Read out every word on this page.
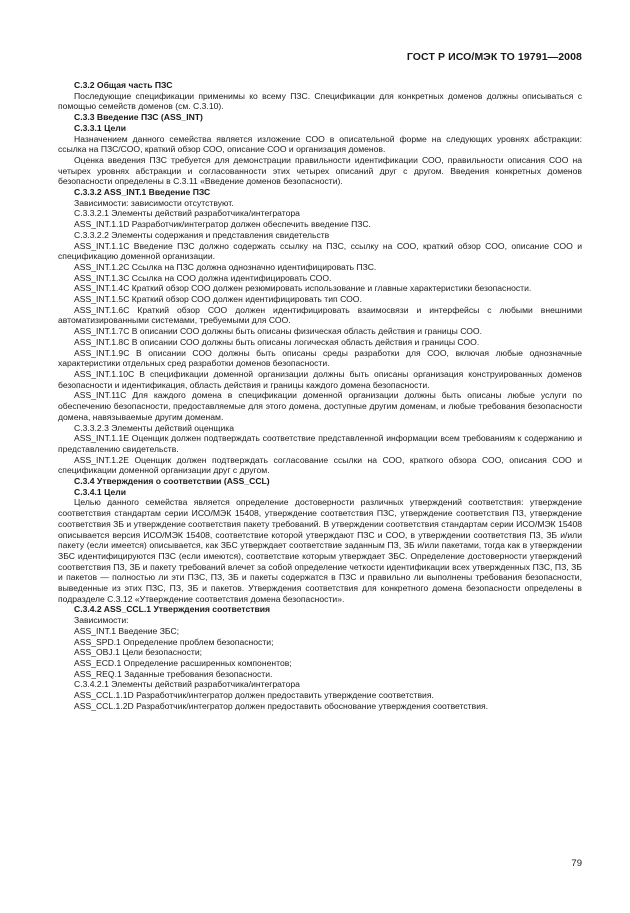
ГОСТ Р ИСО/МЭК ТО 19791—2008

C.3.2 Общая часть ПЗС

Последующие спецификации применимы ко всему ПЗС. Спецификации для конкретных доменов должны описываться с помощью семейств доменов (см. С.3.10).

C.3.3 Введение ПЗС (ASS_INT)

C.3.3.1 Цели

Назначением данного семейства является изложение СОО в описательной форме на следующих уровнях абстракции: ссылка на ПЗС/СОО, краткий обзор СОО, описание СОО и организация доменов.

Оценка введения ПЗС требуется для демонстрации правильности идентификации СОО, правильности описания СОО на четырех уровнях абстракции и согласованности этих четырех описаний друг с другом. Введения конкретных доменов безопасности определены в С.3.11 «Введение доменов безопасности).

C.3.3.2 ASS_INT.1 Введение ПЗС

Зависимости: зависимости отсутствуют.

С.3.3.2.1 Элементы действий разработчика/интегратора

ASS_INT.1.1D Разработчик/интегратор должен обеспечить введение ПЗС.

С.3.3.2.2 Элементы содержания и представления свидетельств

ASS_INT.1.1С Введение ПЗС должно содержать ссылку на ПЗС, ссылку на СОО, краткий обзор СОО, описание СОО и спецификацию доменной организации.

ASS_INT.1.2С Ссылка на ПЗС должна однозначно идентифицировать ПЗС.

ASS_INT.1.3С Ссылка на СОО должна идентифицировать СОО.

ASS_INT.1.4С Краткий обзор СОО должен резюмировать использование и главные характеристики безопасности.

ASS_INT.1.5С Краткий обзор СОО должен идентифицировать тип СОО.

ASS_INT.1.6С Краткий обзор СОО должен идентифицировать взаимосвязи и интерфейсы с любыми внешними автоматизированными системами, требуемыми для СОО.

ASS_INT.1.7С В описании СОО должны быть описаны физическая область действия и границы СОО.

ASS_INT.1.8С В описании СОО должны быть описаны логическая область действия и границы СОО.

ASS_INT.1.9С В описании СОО должны быть описаны среды разработки для СОО, включая любые однозначные характеристики отдельных сред разработки доменов безопасности.

ASS_INT.1.10С В спецификации доменной организации должны быть описаны организация конструированных доменов безопасности и идентификация, область действия и границы каждого домена безопасности.

ASS_INT.11С Для каждого домена в спецификации доменной организации должны быть описаны любые услуги по обеспечению безопасности, предоставляемые для этого домена, доступные другим доменам, и любые требования безопасности домена, навязываемые другим доменам.

С.3.3.2.3 Элементы действий оценщика

ASS_INT.1.1Е Оценщик должен подтверждать соответствие представленной информации всем требованиям к содержанию и представлению свидетельств.

ASS_INT.1.2Е Оценщик должен подтверждать согласование ссылки на СОО, краткого обзора СОО, описания СОО и спецификации доменной организации друг с другом.

C.3.4 Утверждения о соответствии (ASS_CCL)

C.3.4.1 Цели

Целью данного семейства является определение достоверности различных утверждений соответствия: утверждение соответствия стандартам серии ИСО/МЭК 15408, утверждение соответствия ПЗС, утверждение соответствия ПЗ, утверждение соответствия ЗБ и утверждение соответствия пакету требований. В утверждении соответствия стандартам серии ИСО/МЭК 15408 описывается версия ИСО/МЭК 15408, соответствие которой утверждают ПЗС и СОО, в утверждении соответствия ПЗ, ЗБ и/или пакету (если имеется) описывается, как ЗБС утверждает соответствие заданным ПЗ, ЗБ и/или пакетами, тогда как в утверждении ЗБС идентифицируются ПЗС (если имеются), соответствие которым утверждает ЗБС. Определение достоверности утверждений соответствия ПЗ, ЗБ и пакету требований влечет за собой определение четкости идентификации всех утвержденных ПЗС, ПЗ, ЗБ и пакетов — полностью ли эти ПЗС, ПЗ, ЗБ и пакеты содержатся в ПЗС и правильно ли выполнены требования безопасности, выведенные из этих ПЗС, ПЗ, ЗБ и пакетов. Утверждения соответствия для конкретного домена безопасности определены в подразделе С.3.12 «Утверждение соответствия домена безопасности».

C.3.4.2 ASS_CCL.1 Утверждения соответствия

Зависимости:

ASS_INT.1 Введение ЗБС;

ASS_SPD.1 Определение проблем безопасности;

ASS_OBJ.1 Цели безопасности;

ASS_ECD.1 Определение расширенных компонентов;

ASS_REQ.1 Заданные требования безопасности.

С.3.4.2.1 Элементы действий разработчика/интегратора

ASS_CCL.1.1D Разработчик/интегратор должен предоставить утверждение соответствия.

ASS_CCL.1.2D Разработчик/интегратор должен предоставить обоснование утверждения соответствия.

79
